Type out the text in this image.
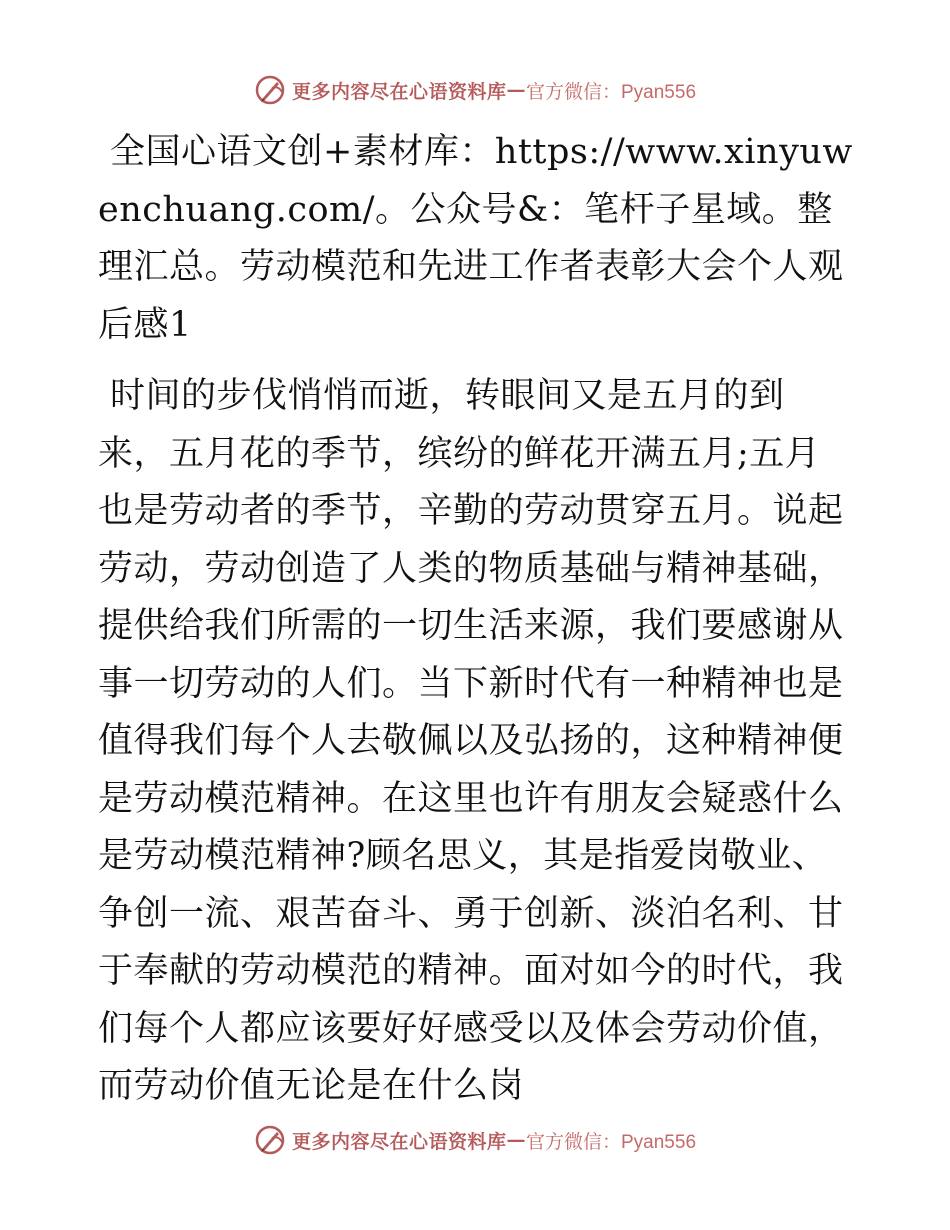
更多内容尽在心语资料库 — 官方微信：Pyan556

全国心语文创+素材库：https://www.xinyuwenchuang.com/。公众号&：笔杆子星域。整理汇总。劳动模范和先进工作者表彰大会个人观后感1

时间的步伐悄悄而逝，转眼间又是五月的到来，五月花的季节，缤纷的鲜花开满五月;五月也是劳动者的季节，辛勤的劳动贯穿五月。说起劳动，劳动创造了人类的物质基础与精神基础，提供给我们所需的一切生活来源，我们要感谢从事一切劳动的人们。当下新时代有一种精神也是值得我们每个人去敬佩以及弘扬的，这种精神便是劳动模范精神。在这里也许有朋友会疑惑什么是劳动模范精神?顾名思义，其是指爱岗敬业、争创一流、艰苦奋斗、勇于创新、淡泊名利、甘于奉献的劳动模范的精神。面对如今的时代，我们每个人都应该要好好感受以及体会劳动价值，而劳动价值无论是在什么岗

更多内容尽在心语资料库 — 官方微信：Pyan556
